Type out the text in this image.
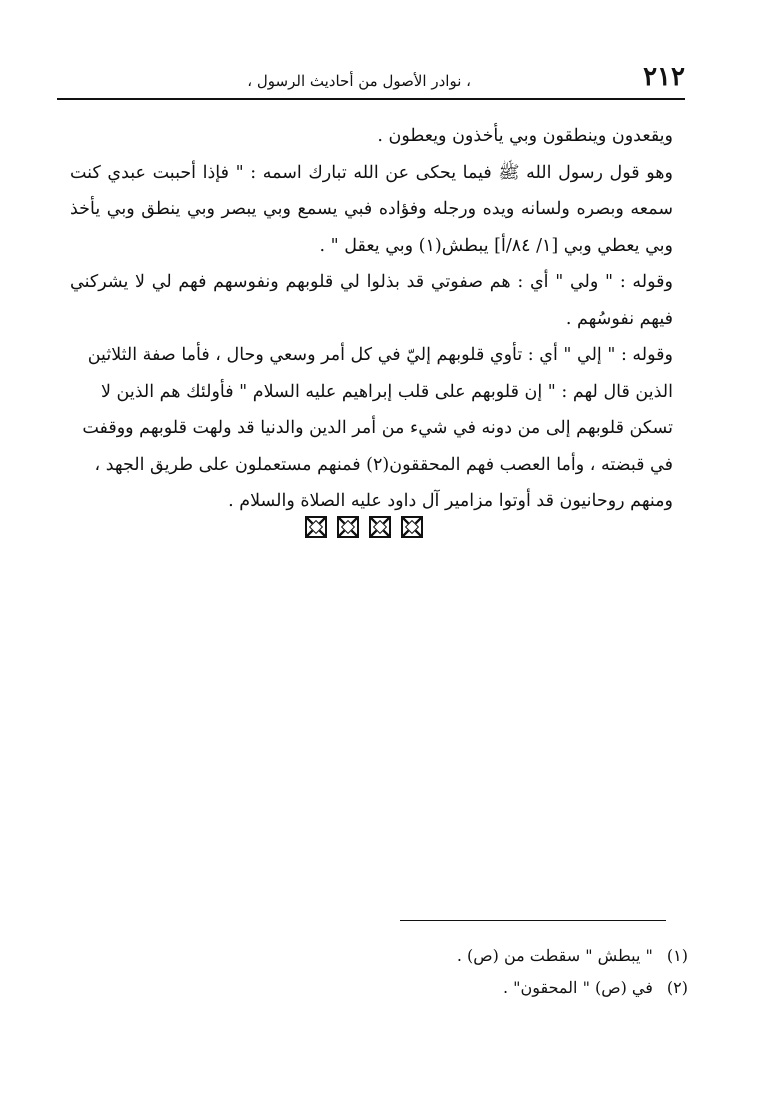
٢١٢
، نوادر الأصول من أحاديث الرسول ،

ويقعدون وينطقون وبي يأخذون ويعطون .

وهو قول رسول الله ﷺ فيما يحكى عن الله تبارك اسمه : " فإذا أحببت عبدي كنت سمعه وبصره ولسانه ويده ورجله وفؤاده فبي يسمع وبي يبصر وبي ينطق وبي يأخذ وبي يعطي وبي [١/ ٨٤/أ] يبطش(١) وبي يعقل " .

وقوله : " ولي " أي : هم صفوتي قد بذلوا لي قلوبهم ونفوسهم فهم لي لا يشركني فيهم نفوسُهم .

وقوله : " إلي " أي : تأوي قلوبهم إليّ في كل أمر وسعي وحال ، فأما صفة الثلاثين الذين قال لهم : " إن قلوبهم على قلب إبراهيم عليه السلام " فأولئك هم الذين لا تسكن قلوبهم إلى من دونه في شيء من أمر الدين والدنيا قد ولهت قلوبهم ووقفت في قبضته ، وأما العصب فهم المحققون(٢) فمنهم مستعملون على طريق الجهد ، ومنهم روحانيون قد أوتوا مزامير آل داود عليه الصلاة والسلام .

(١)" يبطش " سقطت من (ص) .

(٢)في (ص) " المحقون" .
